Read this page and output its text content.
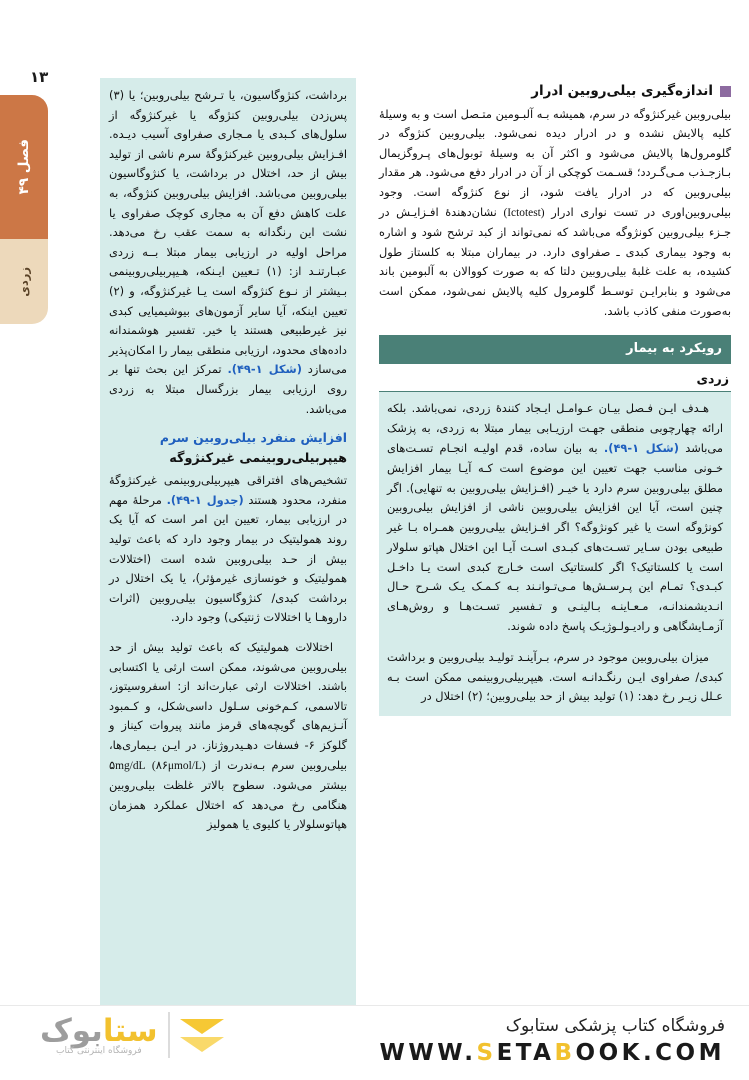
۱۳
فصل ۴۹
زردی
اندازه‌گیری بیلی‌روبین ادرار

بیلی‌روبین غیرکنژوگه در سرم، همیشه بـه آلبـومین متـصل است و به وسیلهٔ کلیه پالایش نشده و در ادرار دیده نمی‌شود. بیلی‌روبین کنژوگه در گلومرول‌ها پالایش می‌شود و اکثر آن به وسیلهٔ توبول‌های پـروگزیمال بـازجـذب مـی‌گـردد؛ قسـمت کوچکی از آن در ادرار دفع می‌شود. هر مقدار بیلی‌روبین که در ادرار یافت شود، از نوع کنژوگه است. وجود بیلی‌روبین‌اوری در تست نواری ادرار (Ictotest) نشان‌دهندهٔ افـزایـش در جـزء بیلی‌روبین کونژوگه می‌باشد که نمی‌تواند از کبد ترشح شود و اشاره به وجود بیماری کبدی ـ صفراوی دارد. در بیماران مبتلا به کلستاز طول کشیده، به علت غلبهٔ بیلی‌روبین دلتا که به صورت کووالان به آلبومین باند می‌شود و بنابرایـن توسـط گلومرول کلیه پالایش نمی‌شود، ممکن است به‌صورت منفی کاذب باشد.

رویکرد به بیمار
زردی

هـدف ایـن فـصل بیـان عـوامـل ایـجاد کنندهٔ زردی، نمی‌باشد. بلکه ارائه چهارچوبی منطقی جهـت ارزیـابی بیمار مبتلا به زردی، به پزشک می‌باشد (شکل ۱-۴۹). به بیان ساده، قدم اولیـه انجـام تسـت‌های خـونی مناسب جهت تعیین این موضوع است کـه آیـا بیمار افزایش مطلق بیلی‌روبین سرم دارد یا خیـر (افـزایش بیلی‌روبین به تنهایی). اگر چنین است، آیا این افزایش بیلی‌روبین ناشی از افزایش بیلی‌روبین کونژوگه است یا غیر کونژوگه؟ اگر افـزایش بیلی‌روبین همـراه بـا غیر طبیعی بودن سـایر تسـت‌های کبـدی اسـت آیـا این اختلال هپاتو سلولار است یا کلستاتیک؟ اگر کلستاتیک است خـارج کبدی است یـا داخـل کبـدی؟ تمـام این پـرسـش‌ها مـی‌تـوانـند بـه کـمـک یـک شـرح حـال انـدیشمندانـه، مـعـاینـه بـالینـی و تـفسیر تسـت‌هـا و روش‌هـای آزمـایشگاهی و رادیـولـوژیـک پاسخ داده شوند.

میزان بیلی‌روبین موجود در سرم، بـرآینـد تولیـد بیلی‌روبین و برداشت کبدی/ صفراوی ایـن رنگـدانـه است. هیپربیلی‌روبینمی ممکن است بـه عـلل زیـر رخ دهد: (۱) تولید بیش از حد بیلی‌روبین؛ (۲) اختلال در

برداشت، کنژوگاسیون، یا تـرشح بیلی‌روبین؛ یا (۳) پس‌زدن بیلی‌روبین کنژوگه یا غیرکنژوگه از سلول‌های کـبدی یا مـجاری صفراوی آسیب دیـده. افـزایش بیلی‌روبین غیرکنژوگهٔ سرم ناشی از تولید بیش از حد، اختلال در برداشت، یا کنژوگاسیون بیلی‌روبین می‌باشد. افزایش بیلی‌روبین کنژوگه، به علت کاهش دفع آن به مجاری کوچک صفراوی یا نشت این رنگدانه به سمت عقب رخ می‌دهد. مراحل اولیه در ارزیابی بیمار مبتلا بــه زردی عبـارتنـد از: (۱) تـعیین ایـنکه، هـیپربیلی‌روبینمی بـیشتر از نـوع کنژوگه است یـا غیرکنژوگه، و (۲) تعیین اینکه، آیا سایر آزمون‌های بیوشیمیایی کبدی نیز غیرطبیعی هستند یا خیر. تفسیر هوشمندانه داده‌های محدود، ارزیابی منطقی بیمار را امکان‌پذیر می‌سازد (شکل ۱-۴۹). تمرکز این بحث تنها بر روی ارزیابی بیمار بزرگسال مبتلا به زردی می‌باشد.

افزایش منفرد بیلی‌روبین سرم
هیپربیلی‌روبینمی غیرکنژوگه

تشخیص‌های افتراقی هیپربیلی‌روبینمی غیرکنژوگهٔ منفرد، محدود هستند (جدول ۱-۴۹). مرحلهٔ مهم در ارزیابی بیمار، تعیین این امر است که آیا یک روند همولیتیک در بیمار وجود دارد که باعث تولید بیش از حـد بیلی‌روبین شده است (اختلالات همولیتیک و خونسازی غیرمؤثر)، یا یک اختلال در برداشت کبدی/ کنژوگاسیون بیلی‌روبین (اثرات داروهـا یا اختلالات ژنتیکی) وجود دارد.

اختلالات همولیتیک که باعث تولید بیش از حد بیلی‌روبین می‌شوند، ممکن است ارثی یا اکتسابی باشند. اختلالات ارثی عبارت‌اند از: اسفروسیتوز، تالاسمی، کـم‌خونی سـلول داسی‌شکل، و کـمبود آنـزیم‌های گویچه‌های قرمز مانند پیروات کیناز و گلوکز ۶- فسفات دهـیدروژناز. در ایـن بـیماری‌ها، بیلی‌روبین سرم بـه‌ندرت از ۵mg/dL (۸۶μmol/L) بیشتر می‌شود. سطوح بالاتر غلظت بیلی‌روبین هنگامی رخ می‌دهد که اختلال عملکرد همزمان هپاتوسلولار یا کلیوی یا همولیز

ستابوک
فروشگاه اینترنتی کتاب
فروشگاه کتاب پزشکی ستابوک
WWW.SETABOOK.COM
